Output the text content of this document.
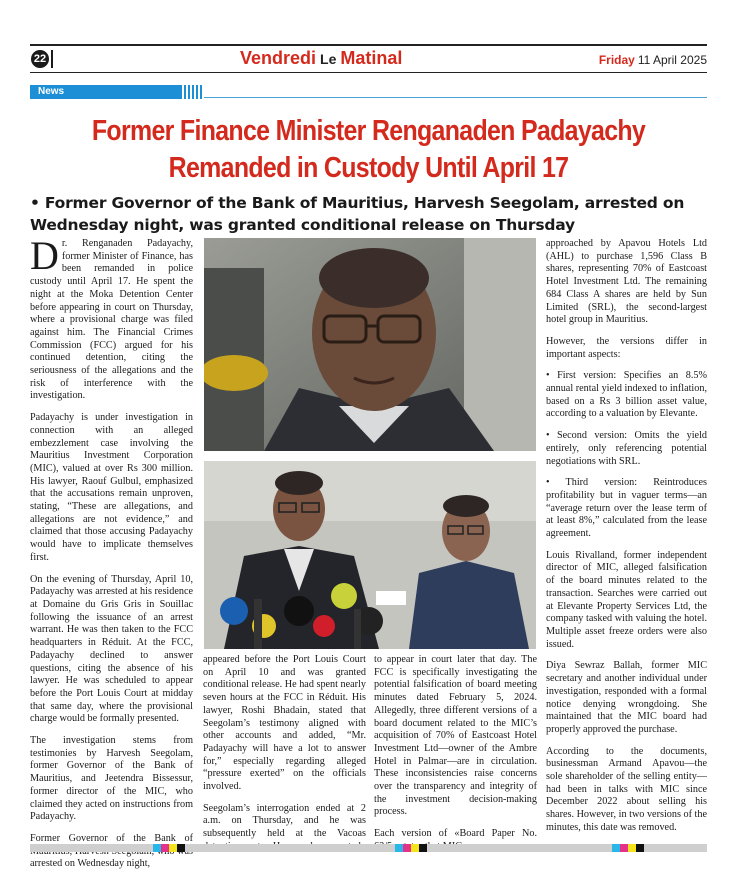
22	Vendredi Le Matinal	Friday 11 April 2025
News
Former Finance Minister Renganaden Padayachy Remanded in Custody Until April 17
• Former Governor of the Bank of Mauritius, Harvesh Seegolam, arrested on Wednesday night, was granted conditional release on Thursday

Dr. Renganaden Padayachy, former Minister of Finance, has been remanded in police custody until April 17. He spent the night at the Moka Detention Center before appearing in court on Thursday, where a provisional charge was filed against him. The Financial Crimes Commission (FCC) argued for his continued detention, citing the seriousness of the allegations and the risk of interference with the investigation.

Padayachy is under investigation in connection with an alleged embezzlement case involving the Mauritius Investment Corporation (MIC), valued at over Rs 300 million. His lawyer, Raouf Gulbul, emphasized that the accusations remain unproven, stating, “These are allegations, and allegations are not evidence,” and claimed that those accusing Padayachy would have to implicate themselves first.

On the evening of Thursday, April 10, Padayachy was arrested at his residence at Domaine du Gris Gris in Souillac following the issuance of an arrest warrant. He was then taken to the FCC headquarters in Réduit. At the FCC, Padayachy declined to answer questions, citing the absence of his lawyer. He was scheduled to appear before the Port Louis Court at midday that same day, where the provisional charge would be formally presented.

The investigation stems from testimonies by Harvesh Seegolam, former Governor of the Bank of Mauritius, and Jeetendra Bissessur, former director of the MIC, who claimed they acted on instructions from Padayachy.

Former Governor of the Bank of arrested on Wednesday night,

appeared before the Port Louis Court on April 10 and was granted conditional release. He had spent nearly seven hours at the FCC in Réduit. His lawyer, Roshi Bhadain, stated that Seegolam’s testimony aligned with other accounts and added, “Mr. Padayachy will have a lot to answer for,” especially regarding alleged “pressure exerted” on the officials involved.

Seegolam’s interrogation ended at 2 a.m. on Thursday, and he was subsequently held at the Vacoas

to appear in court later that day. The FCC is specifically investigating the potential falsification of board meeting minutes dated February 5, 2024. Allegedly, three different versions of a board document related to the MIC’s acquisition of 70% of Eastcoast Hotel Investment Ltd—owner of the Ambre Hotel in Palmar—are in circulation. These inconsistencies raise concerns over the transparency and integrity of the investment decision-making process.

Each version of «Board Paper No.

approached by Apavou Hotels Ltd (AHL) to purchase 1,596 Class B shares, representing 70% of Eastcoast Hotel Investment Ltd. The remaining 684 Class A shares are held by Sun Limited (SRL), the second-largest hotel group in Mauritius.

However, the versions differ in important aspects:

• First version: Specifies an 8.5% annual rental yield indexed to inflation, based on a Rs 3 billion asset value, according to a valuation by Elevante.

• Second version: Omits the yield entirely, only referencing potential negotiations with SRL.

• Third version: Reintroduces profitability but in vaguer terms—an “average return over the lease term of at least 8%,” calculated from the lease agreement.

Louis Rivalland, former independent director of MIC, alleged falsification of the board minutes related to the transaction. Searches were carried out at Elevante Property Services Ltd, the company tasked with valuing the hotel. Multiple asset freeze orders were also issued.

Diya Sewraz Ballah, former MIC secretary and another individual under investigation, responded with a formal notice denying wrongdoing. She maintained that the MIC board had properly approved the purchase.

According to the documents, businessman Armand Apavou—the sole shareholder of the selling entity—had been in talks with MIC since December 2022 about selling his shares. However, in two versions of the minutes, this date was removed.
